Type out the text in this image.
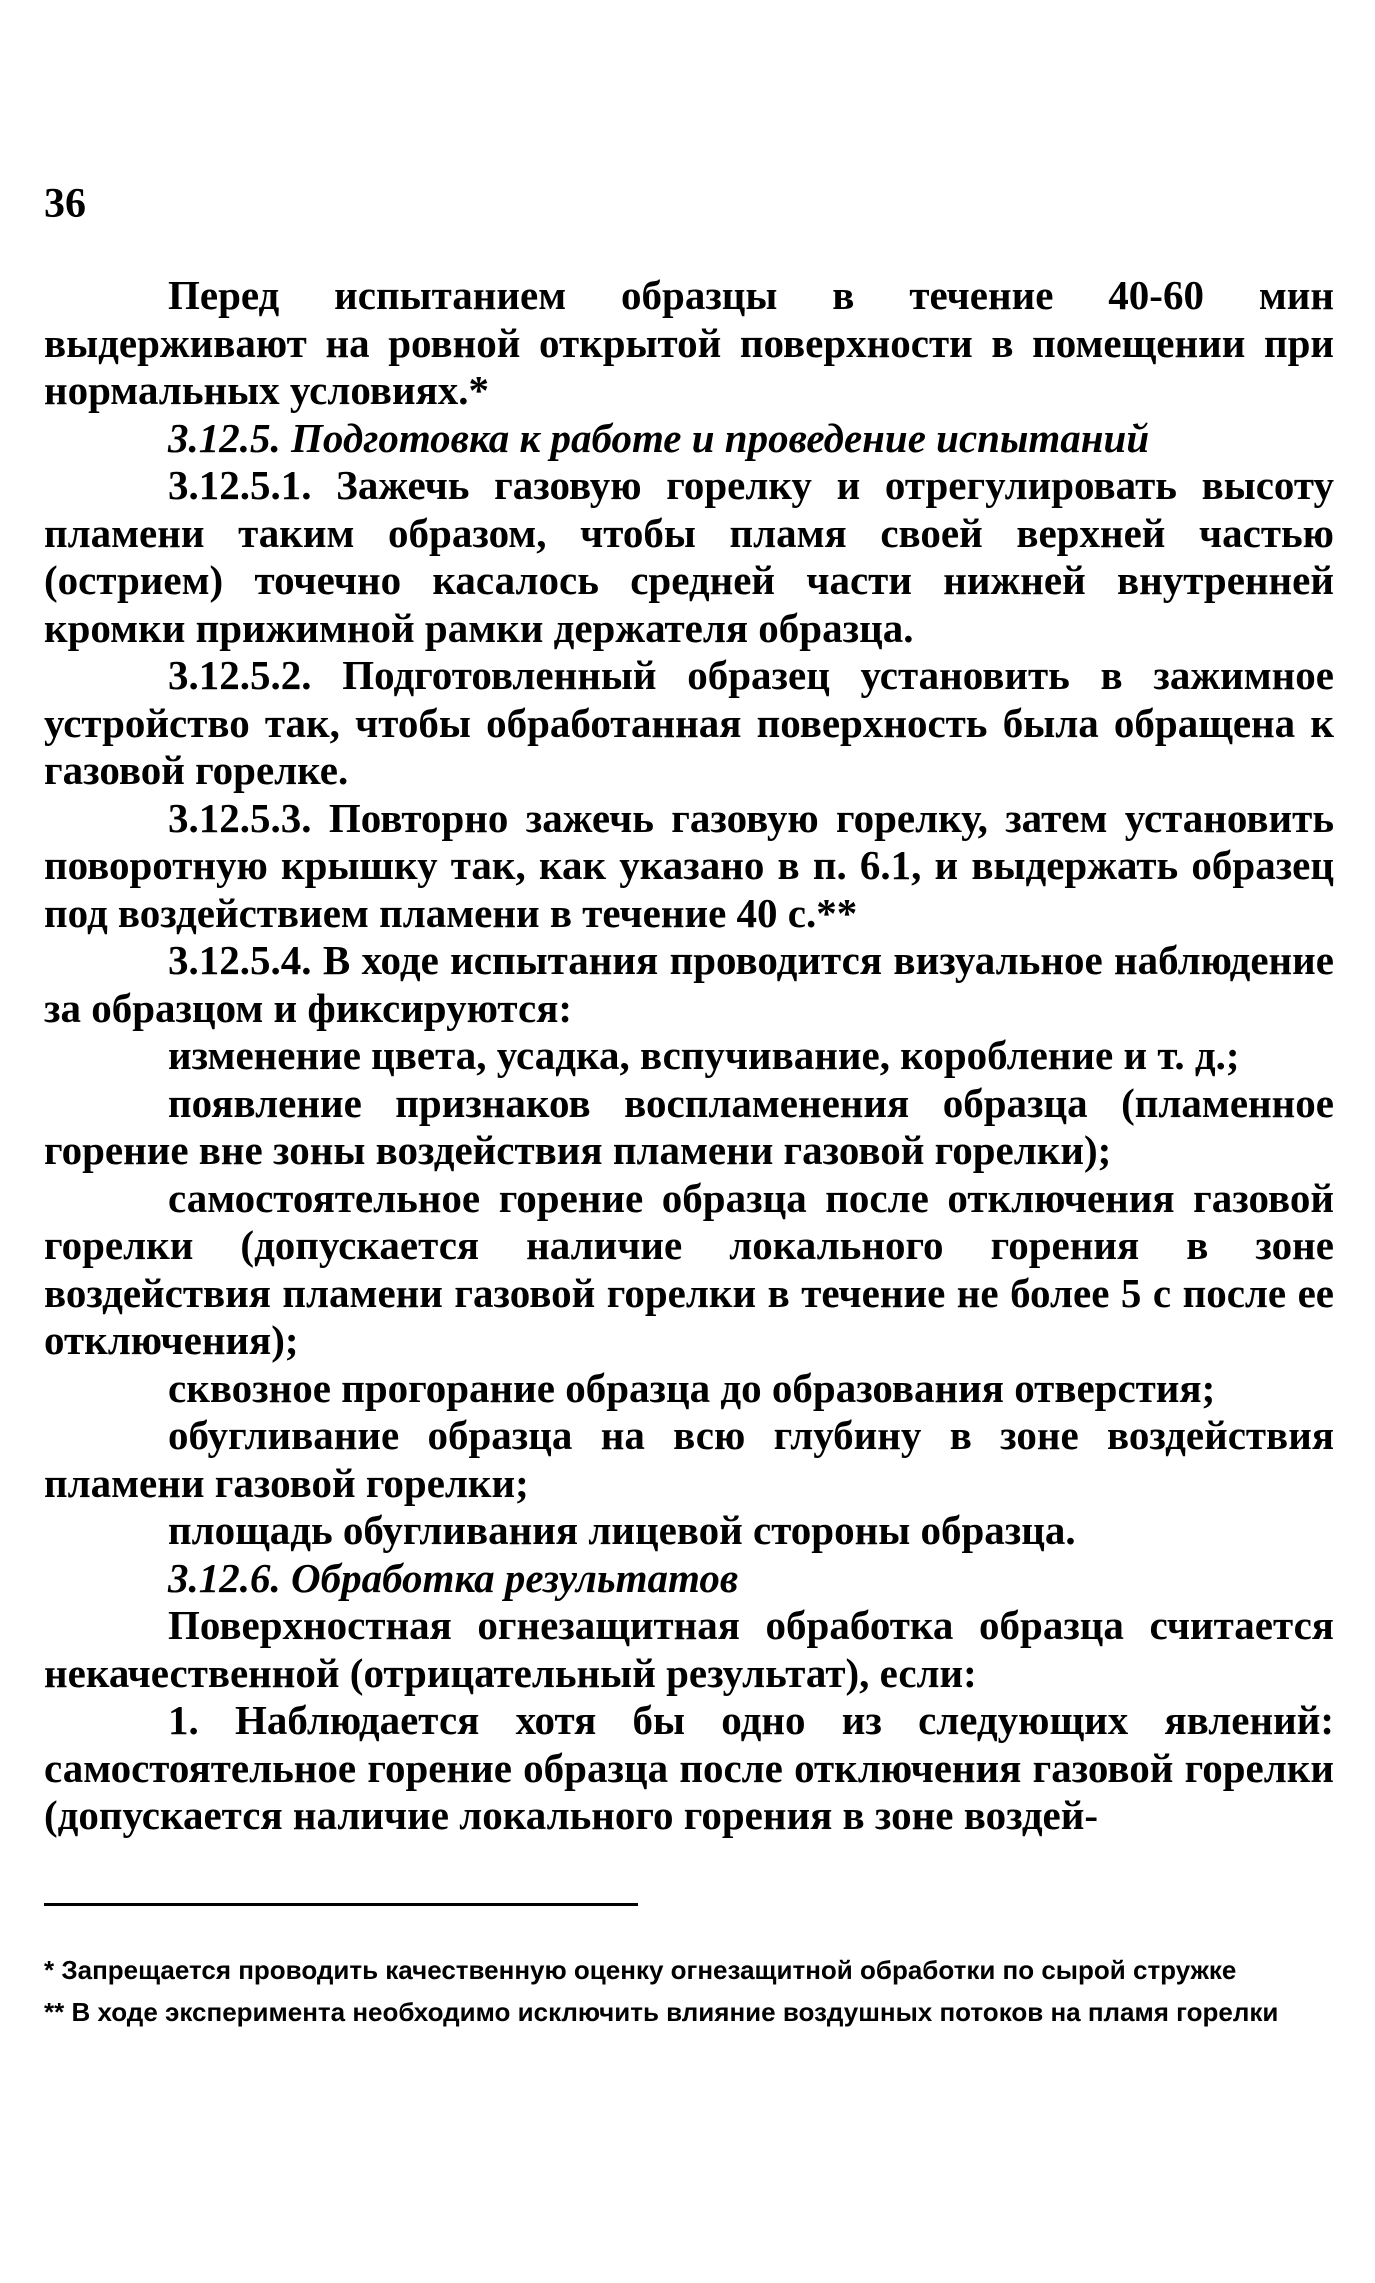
36

Перед испытанием образцы в течение 40-60 мин выдерживают на ровной открытой поверхности в помещении при нормальных условиях.*

3.12.5. Подготовка к работе и проведение испытаний

3.12.5.1. Зажечь газовую горелку и отрегулировать высоту пламени таким образом, чтобы пламя своей верхней частью (острием) точечно касалось средней части нижней внутренней кромки прижимной рамки держателя образца.

3.12.5.2. Подготовленный образец установить в зажимное устройство так, чтобы обработанная поверхность была обращена к газовой горелке.

3.12.5.3. Повторно зажечь газовую горелку, затем установить поворотную крышку так, как указано в п. 6.1, и выдержать образец под воздействием пламени в течение 40 с.**

3.12.5.4. В ходе испытания проводится визуальное наблюдение за образцом и фиксируются:

изменение цвета, усадка, вспучивание, коробление и т. д.;

появление признаков воспламенения образца (пламенное горение вне зоны воздействия пламени газовой горелки);

самостоятельное горение образца после отключения газовой горелки (допускается наличие локального горения в зоне воздействия пламени газовой горелки в течение не более 5 с после ее отключения);

сквозное прогорание образца до образования отверстия;

обугливание образца на всю глубину в зоне воздействия пламени газовой горелки;

площадь обугливания лицевой стороны образца.

3.12.6. Обработка результатов

Поверхностная огнезащитная обработка образца считается некачественной (отрицательный результат), если:

1. Наблюдается хотя бы одно из следующих явлений: самостоятельное горение образца после отключения газовой горелки (допускается наличие локального горения в зоне воздей-

* Запрещается проводить качественную оценку огнезащитной обработки по сырой стружке

** В ходе эксперимента необходимо исключить влияние воздушных потоков на пламя горелки
